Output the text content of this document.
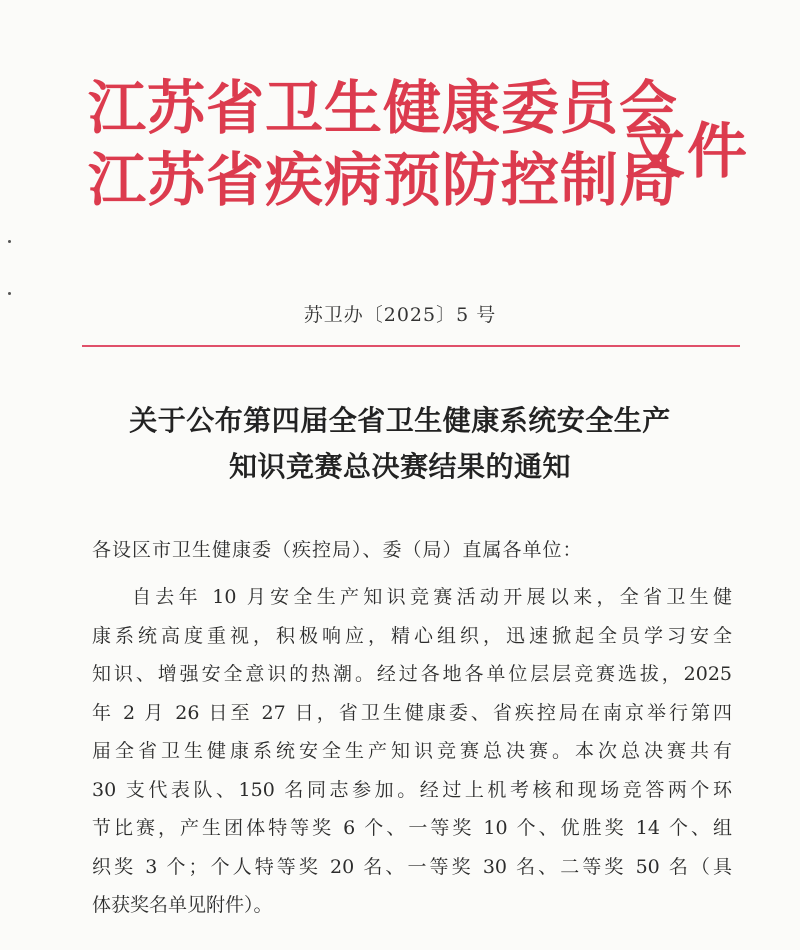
江苏省卫生健康委员会
江苏省疾病预防控制局
文件
苏卫办〔2025〕5 号
关于公布第四届全省卫生健康系统安全生产
知识竞赛总决赛结果的通知
各设区市卫生健康委（疾控局）、委（局）直属各单位：
自去年 10 月安全生产知识竞赛活动开展以来，全省卫生健
康系统高度重视，积极响应，精心组织，迅速掀起全员学习安全
知识、增强安全意识的热潮。经过各地各单位层层竞赛选拔，2025
年 2 月 26 日至 27 日，省卫生健康委、省疾控局在南京举行第四
届全省卫生健康系统安全生产知识竞赛总决赛。本次总决赛共有
30 支代表队、150 名同志参加。经过上机考核和现场竞答两个环
节比赛，产生团体特等奖 6 个、一等奖 10 个、优胜奖 14 个、组
织奖 3 个；个人特等奖 20 名、一等奖 30 名、二等奖 50 名（具
体获奖名单见附件）。
